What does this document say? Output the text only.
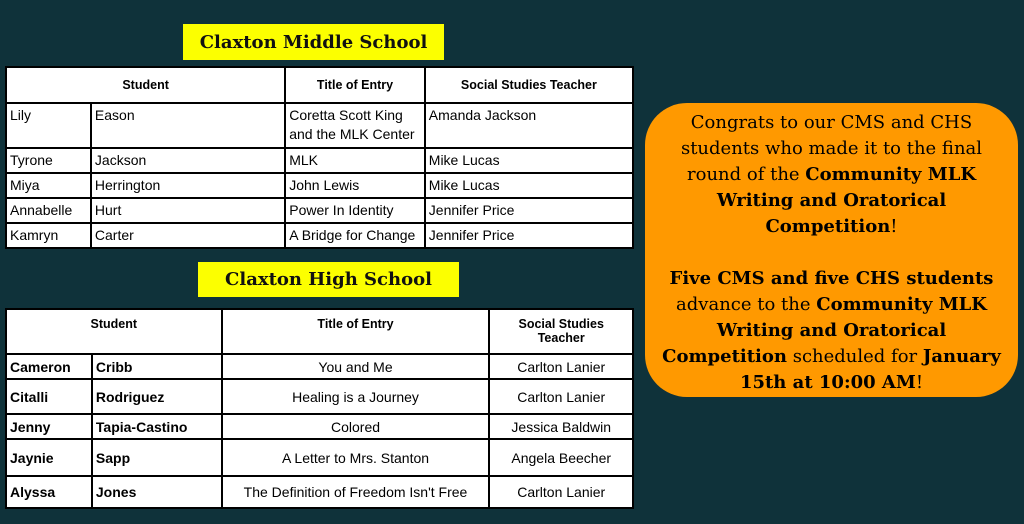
Claxton Middle School
Student		Title of Entry	Social Studies Teacher
Lily	Eason	Coretta Scott King and the MLK Center	Amanda Jackson
Tyrone	Jackson	MLK	Mike Lucas
Miya	Herrington	John Lewis	Mike Lucas
Annabelle	Hurt	Power In Identity	Jennifer Price
Kamryn	Carter	A Bridge for Change	Jennifer Price
Claxton High School
Student		Title of Entry	Social Studies Teacher
Cameron	Cribb	You and Me	Carlton Lanier
Citalli	Rodriguez	Healing is a Journey	Carlton Lanier
Jenny	Tapia-Castino	Colored	Jessica Baldwin
Jaynie	Sapp	A Letter to Mrs. Stanton	Angela Beecher
Alyssa	Jones	The Definition of Freedom Isn't Free	Carlton Lanier

Congrats to our CMS and CHS students who made it to the final round of the Community MLK Writing and Oratorical Competition!

Five CMS and five CHS students advance to the Community MLK Writing and Oratorical Competition scheduled for January 15th at 10:00 AM!
